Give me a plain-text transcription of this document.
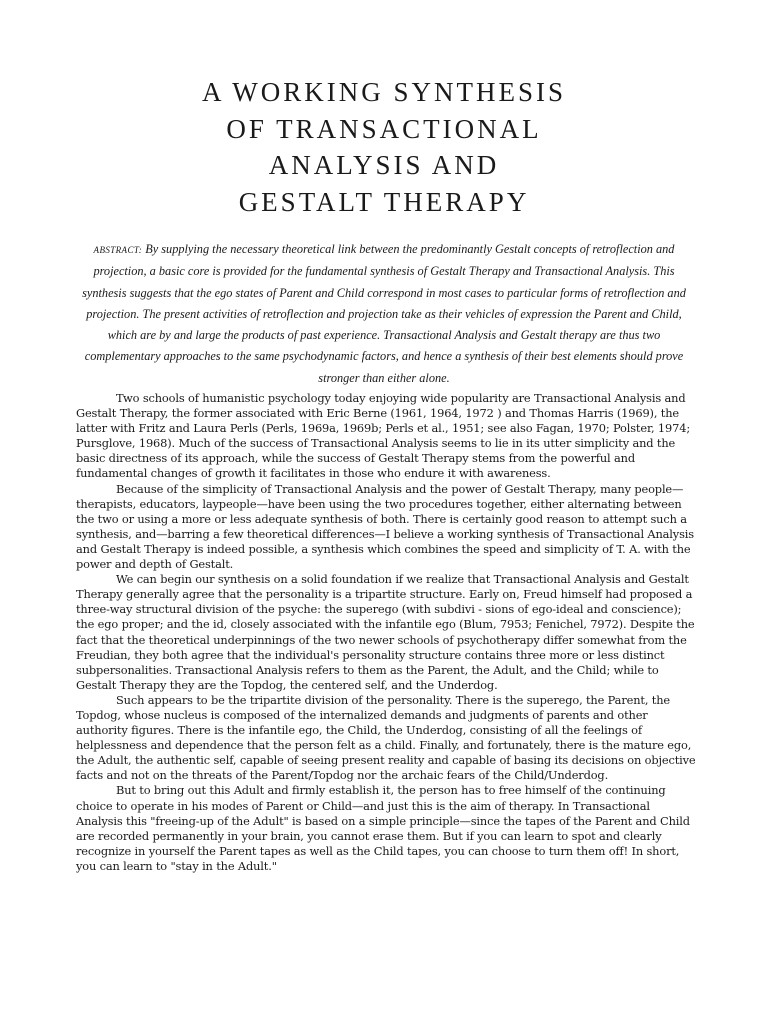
A WORKING SYNTHESIS
OF TRANSACTIONAL
ANALYSIS AND
GESTALT THERAPY
ABSTRACT: By supplying the necessary theoretical link between the predominantly Gestalt concepts of retroflection and projection, a basic core is provided for the fundamental synthesis of Gestalt Therapy and Transactional Analysis. This synthesis suggests that the ego states of Parent and Child correspond in most cases to particular forms of retroflection and projection. The present activities of retroflection and projection take as their vehicles of expression the Parent and Child, which are by and large the products of past experience. Transactional Analysis and Gestalt therapy are thus two complementary approaches to the same psychodynamic factors, and hence a synthesis of their best elements should prove stronger than either alone.

Two schools of humanistic psychology today enjoying wide popularity are Transactional Analysis and Gestalt Therapy, the former associated with Eric Berne (1961, 1964, 1972 ) and Thomas Harris (1969), the latter with Fritz and Laura Perls (Perls, 1969a, 1969b; Perls et al., 1951; see also Fagan, 1970; Polster, 1974; Pursglove, 1968). Much of the success of Transactional Analysis seems to lie in its utter simplicity and the basic directness of its approach, while the success of Gestalt Therapy stems from the powerful and fundamental changes of growth it facilitates in those who endure it with awareness.

Because of the simplicity of Transactional Analysis and the power of Gestalt Therapy, many people—therapists, educators, laypeople—have been using the two procedures together, either alternating between the two or using a more or less adequate synthesis of both. There is certainly good reason to attempt such a synthesis, and—barring a few theoretical differences—I believe a working synthesis of Transactional Analysis and Gestalt Therapy is indeed possible, a synthesis which combines the speed and simplicity of T. A. with the power and depth of Gestalt.

We can begin our synthesis on a solid foundation if we realize that Transactional Analysis and Gestalt Therapy generally agree that the personality is a tripartite structure. Early on, Freud himself had proposed a three-way structural division of the psyche: the superego (with subdivi - sions of ego-ideal and conscience); the ego proper; and the id, closely associated with the infantile ego (Blum, 7953; Fenichel, 7972). Despite the fact that the theoretical underpinnings of the two newer schools of psychotherapy differ somewhat from the Freudian, they both agree that the individual's personality structure contains three more or less distinct subpersonalities. Transactional Analysis refers to them as the Parent, the Adult, and the Child; while to Gestalt Therapy they are the Topdog, the centered self, and the Underdog.

Such appears to be the tripartite division of the personality. There is the superego, the Parent, the Topdog, whose nucleus is composed of the internalized demands and judgments of parents and other authority figures. There is the infantile ego, the Child, the Underdog, consisting of all the feelings of helplessness and dependence that the person felt as a child. Finally, and fortunately, there is the mature ego, the Adult, the authentic self, capable of seeing present reality and capable of basing its decisions on objective facts and not on the threats of the Parent/Topdog nor the archaic fears of the Child/Underdog.

But to bring out this Adult and firmly establish it, the person has to free himself of the continuing choice to operate in his modes of Parent or Child—and just this is the aim of therapy. In Transactional Analysis this "freeing-up of the Adult" is based on a simple principle—since the tapes of the Parent and Child are recorded permanently in your brain, you cannot erase them. But if you can learn to spot and clearly recognize in yourself the Parent tapes as well as the Child tapes, you can choose to turn them off! In short, you can learn to "stay in the Adult."
